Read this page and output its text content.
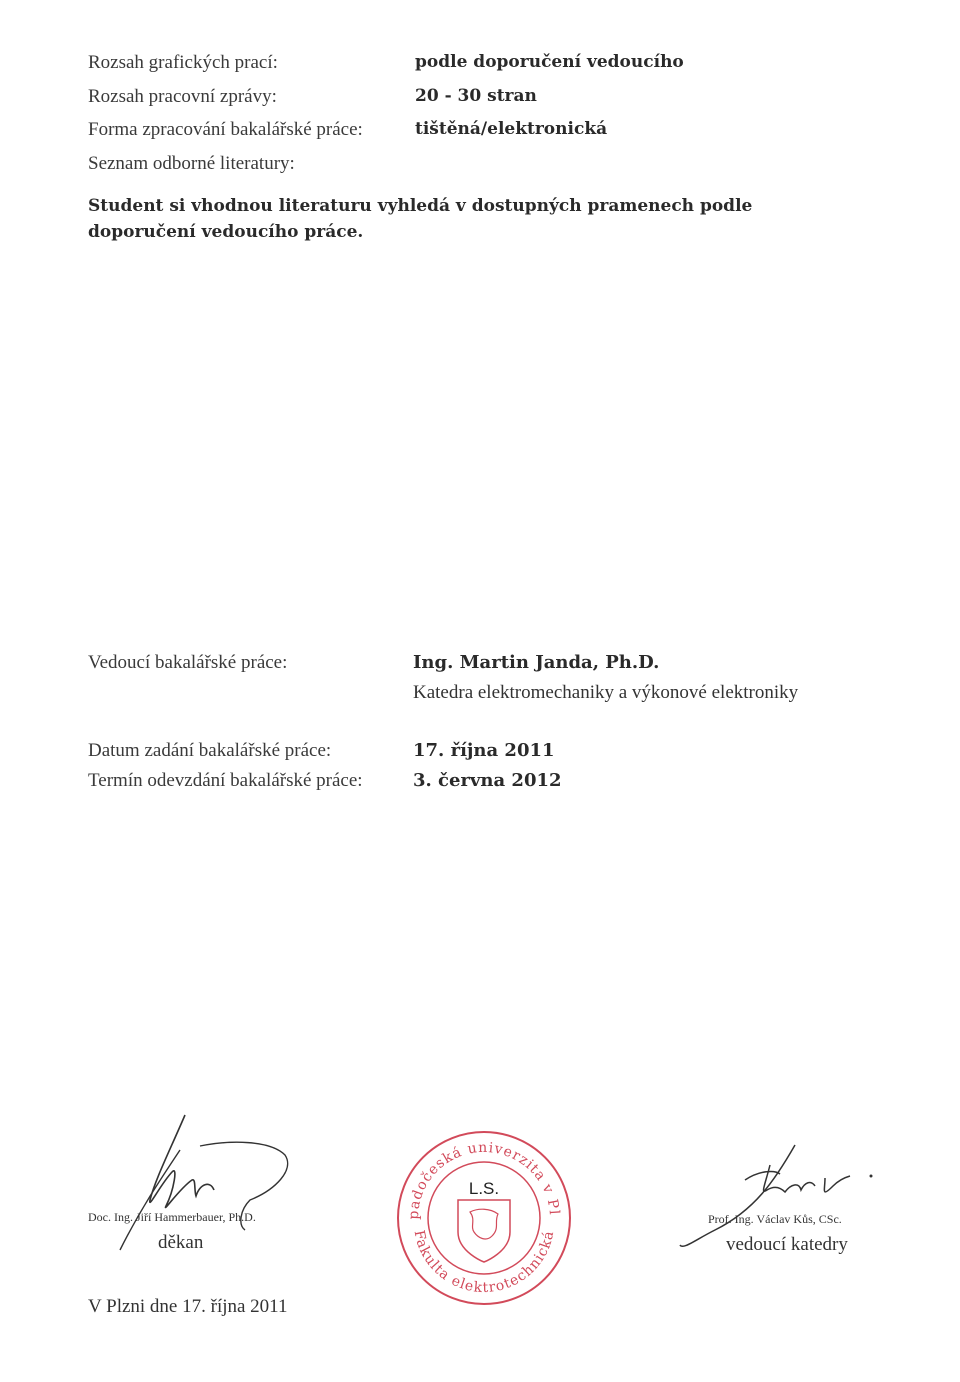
Rozsah grafických prací:	podle doporučení vedoucího
Rozsah pracovní zprávy:	20 - 30 stran
Forma zpracování bakalářské práce:	tištěná/elektronická
Seznam odborné literatury:
Student si vhodnou literaturu vyhledá v dostupných pramenech podle
doporučení vedoucího práce.
Vedoucí bakalářské práce:	Ing. Martin Janda, Ph.D.
Katedra elektromechaniky a výkonové elektroniky
Datum zadání bakalářské práce:	17. října 2011
Termín odevzdání bakalářské práce:	3. června 2012
Doc. Ing. Jiří Hammerbauer, Ph.D.
děkan
Západočeská univerzita v Plzni
Fakulta elektrotechnická
L.S.
Prof. Ing. Václav Kůs, CSc.
vedoucí katedry
V Plzni dne 17. října 2011
